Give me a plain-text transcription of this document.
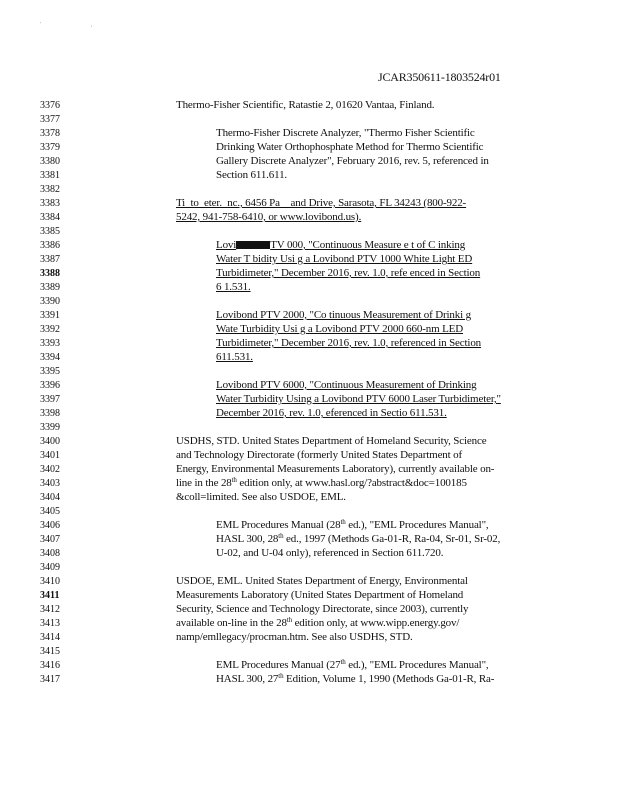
' ,
JCAR350611-1803524r01
3376	Thermo-Fisher Scientific, Ratastie 2, 01620 Vantaa, Finland.
3377
3378	Thermo-Fisher Discrete Analyzer, "Thermo Fisher Scientific
3379	Drinking Water Orthophosphate Method for Thermo Scientific
3380	Gallery Discrete Analyzer", February 2016, rev. 5, referenced in
3381	Section 611.611.
3382
3383	Ti_to_eter._nc., 6456 Pa__and Drive, Sarasota, FL 34243 (800-922-
3384	5242, 941-758-6410, or www.lovibond.us).
3385
3386	Lovi	TV 000, "Continuous Measure e t of C inking
3387	Water T bidity Usi g a Lovibond PTV 1000 White Light ED
3388	Turbidimeter," December 2016, rev. 1.0, refe enced in Section
3389	6 1.531.
3390
3391	Lovibond PTV 2000, "Co tinuous Measurement of Drinki g
3392	Wate Turbidity Usi g a Lovibond PTV 2000 660-nm LED
3393	Turbidimeter," December 2016, rev. 1.0, referenced in Section
3394	611.531.
3395
3396	Lovibond PTV 6000, "Continuous Measurement of Drinking
3397	Water Turbidity Using a Lovibond PTV 6000 Laser Turbidimeter,"
3398	December 2016, rev. 1.0, eferenced in Sectio 611.531.
3399
3400	USDHS, STD. United States Department of Homeland Security, Science
3401	and Technology Directorate (formerly United States Department of
3402	Energy, Environmental Measurements Laboratory), currently available on-
3403	line in the 28th edition only, at www.hasl.org/?abstract&doc=100185
3404	&coll=limited. See also USDOE, EML.
3405
3406	EML Procedures Manual (28th ed.), "EML Procedures Manual",
3407	HASL 300, 28th ed., 1997 (Methods Ga-01-R, Ra-04, Sr-01, Sr-02,
3408	U-02, and U-04 only), referenced in Section 611.720.
3409
3410	USDOE, EML. United States Department of Energy, Environmental
3411	Measurements Laboratory (United States Department of Homeland
3412	Security, Science and Technology Directorate, since 2003), currently
3413	available on-line in the 28th edition only, at www.wipp.energy.gov/
3414	namp/emllegacy/procman.htm. See also USDHS, STD.
3415
3416	EML Procedures Manual (27th ed.), "EML Procedures Manual",
3417	HASL 300, 27th Edition, Volume 1, 1990 (Methods Ga-01-R, Ra-
